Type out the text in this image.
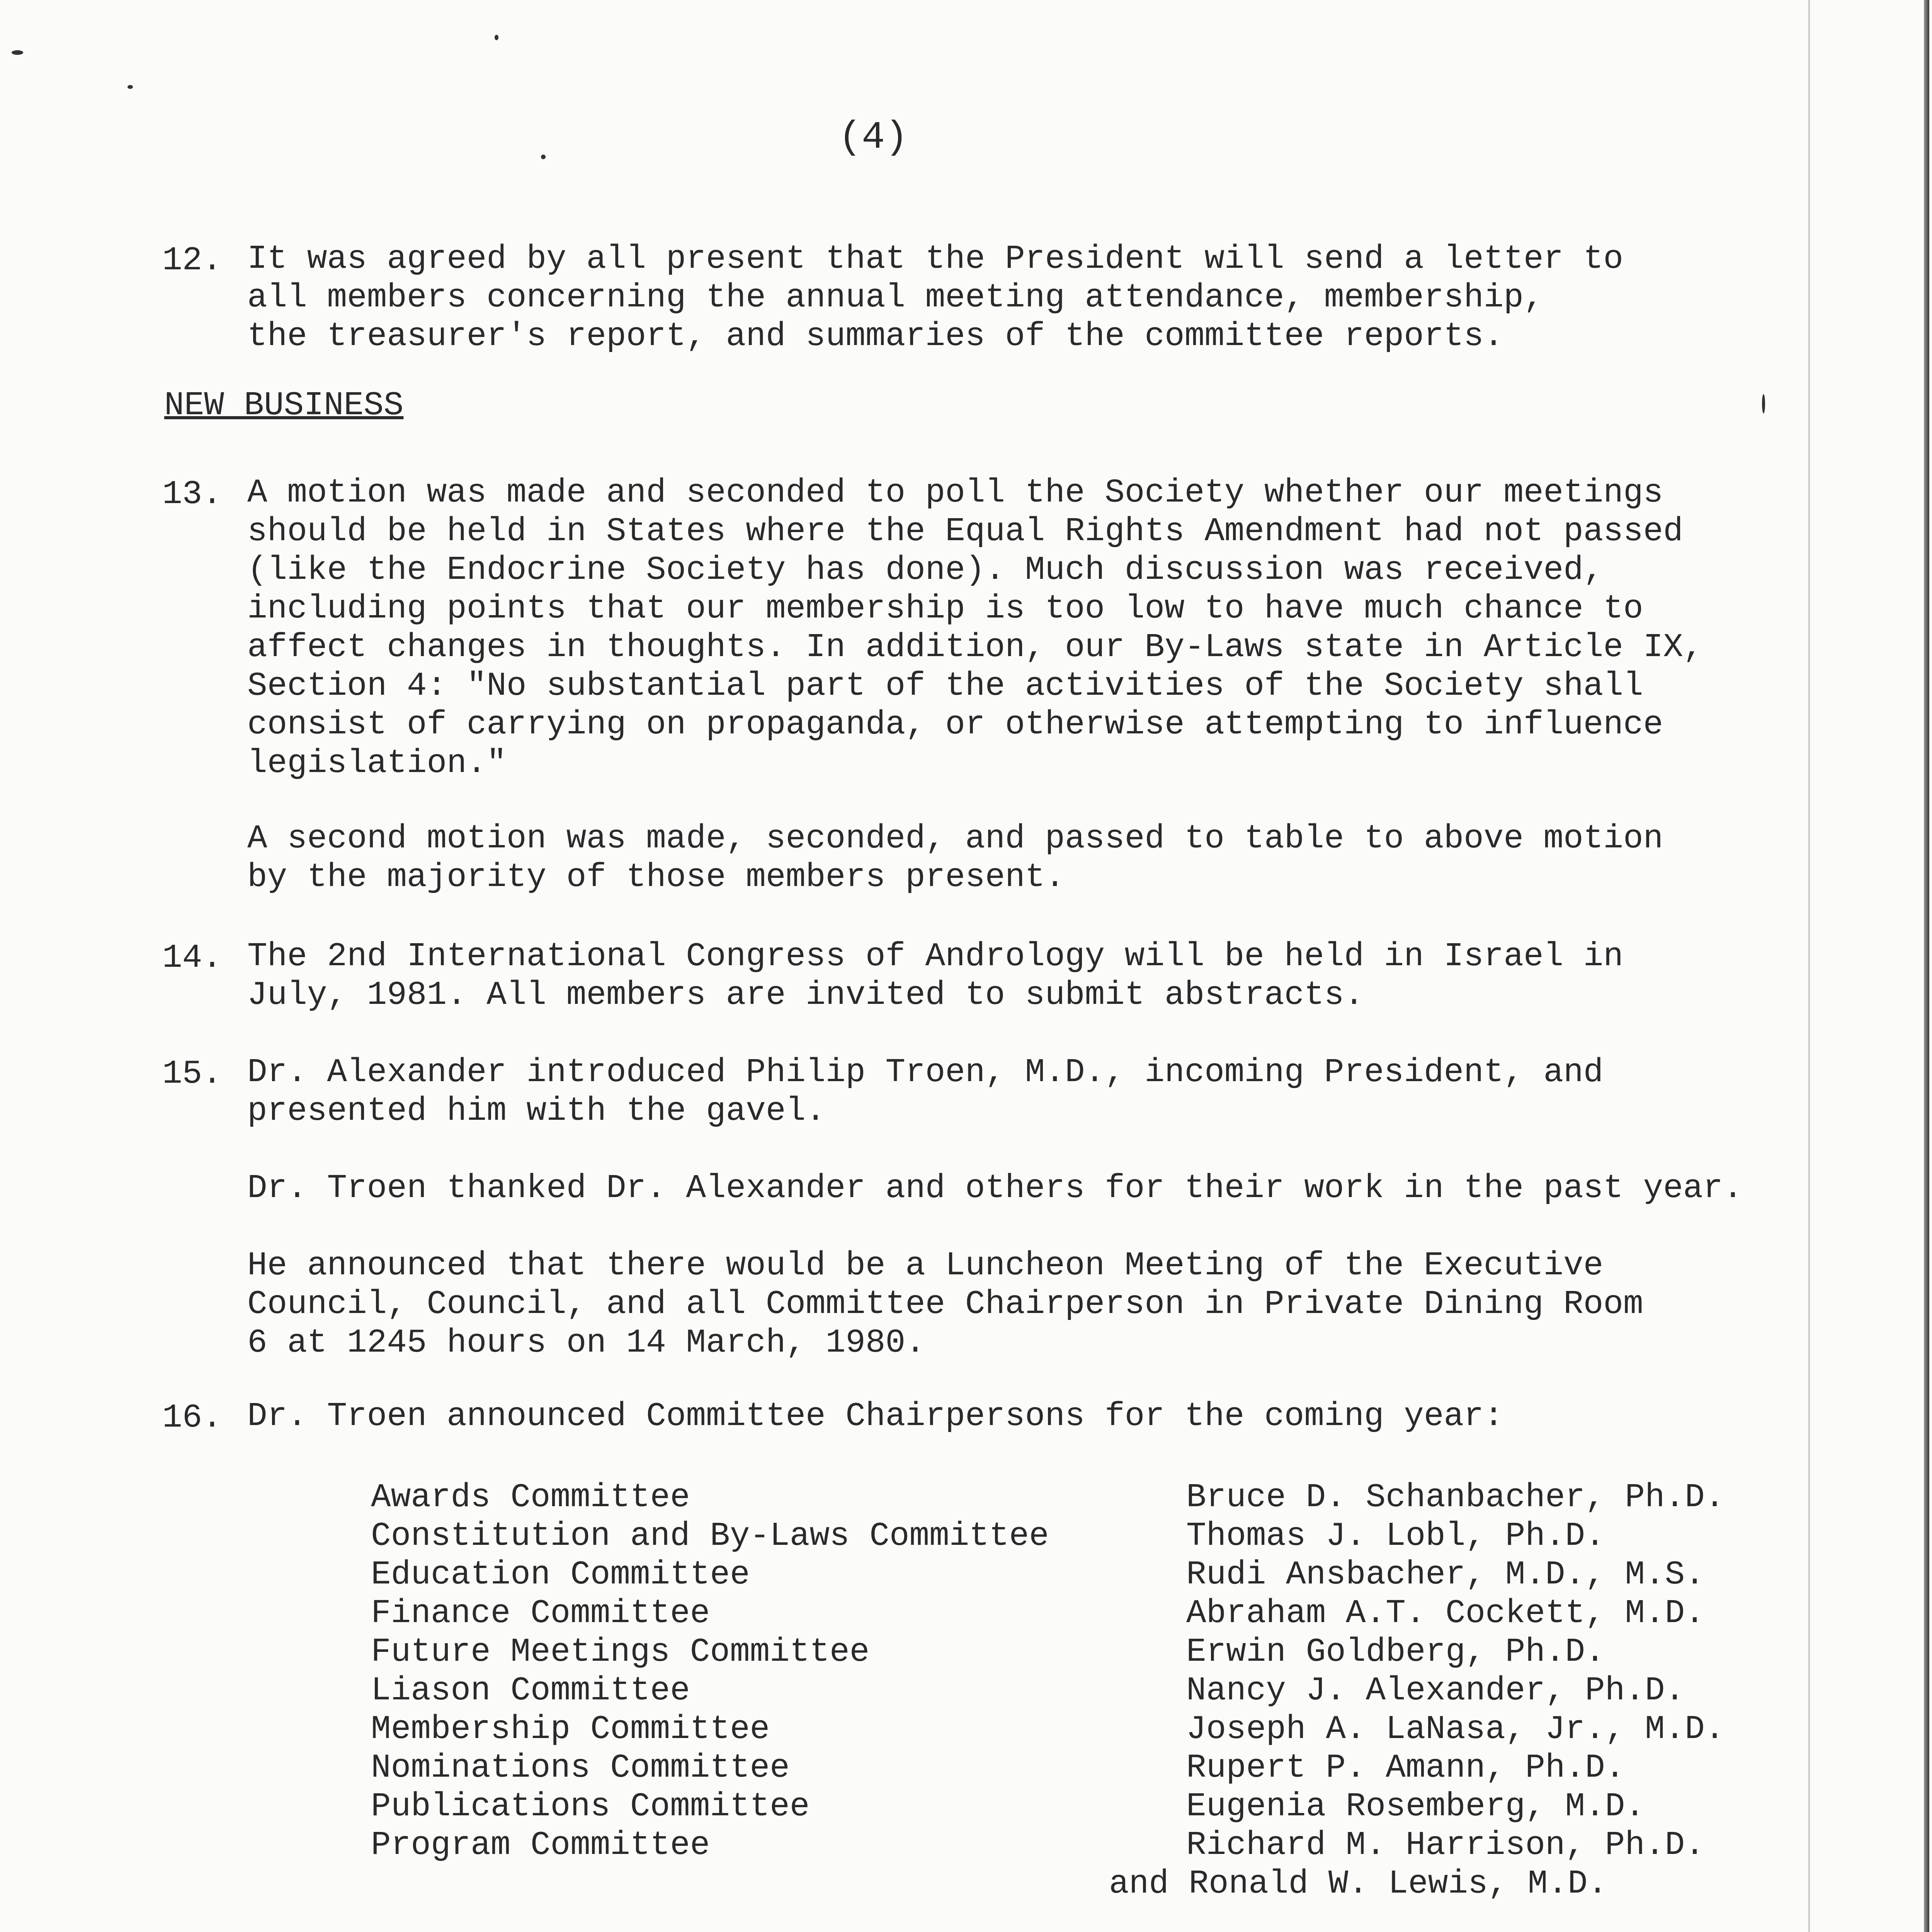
(4)
12. It was agreed by all present that the President will send a letter to

all members concerning the annual meeting attendance, membership,

the treasurer's report, and summaries of the committee reports.

NEW BUSINESS
13. A motion was made and seconded to poll the Society whether our meetings

should be held in States where the Equal Rights Amendment had not passed

(like the Endocrine Society has done). Much discussion was received,

including points that our membership is too low to have much chance to

affect changes in thoughts. In addition, our By-Laws state in Article IX,

Section 4: "No substantial part of the activities of the Society shall

consist of carrying on propaganda, or otherwise attempting to influence

legislation."

A second motion was made, seconded, and passed to table to above motion

by the majority of those members present.

14. The 2nd International Congress of Andrology will be held in Israel in

July, 1981. All members are invited to submit abstracts.

15. Dr. Alexander introduced Philip Troen, M.D., incoming President, and

presented him with the gavel.

Dr. Troen thanked Dr. Alexander and others for their work in the past year.

He announced that there would be a Luncheon Meeting of the Executive

Council, Council, and all Committee Chairperson in Private Dining Room

6 at 1245 hours on 14 March, 1980.

16. Dr. Troen announced Committee Chairpersons for the coming year:

Awards Committee

Constitution and By-Laws Committee

Education Committee

Finance Committee

Future Meetings Committee

Liason Committee

Membership Committee

Nominations Committee

Publications Committee

Program Committee

Bruce D. Schanbacher, Ph.D.

Thomas J. Lobl, Ph.D.

Rudi Ansbacher, M.D., M.S.

Abraham A.T. Cockett, M.D.

Erwin Goldberg, Ph.D.

Nancy J. Alexander, Ph.D.

Joseph A. LaNasa, Jr., M.D.

Rupert P. Amann, Ph.D.

Eugenia Rosemberg, M.D.

Richard M. Harrison, Ph.D.

and Ronald W. Lewis, M.D.
